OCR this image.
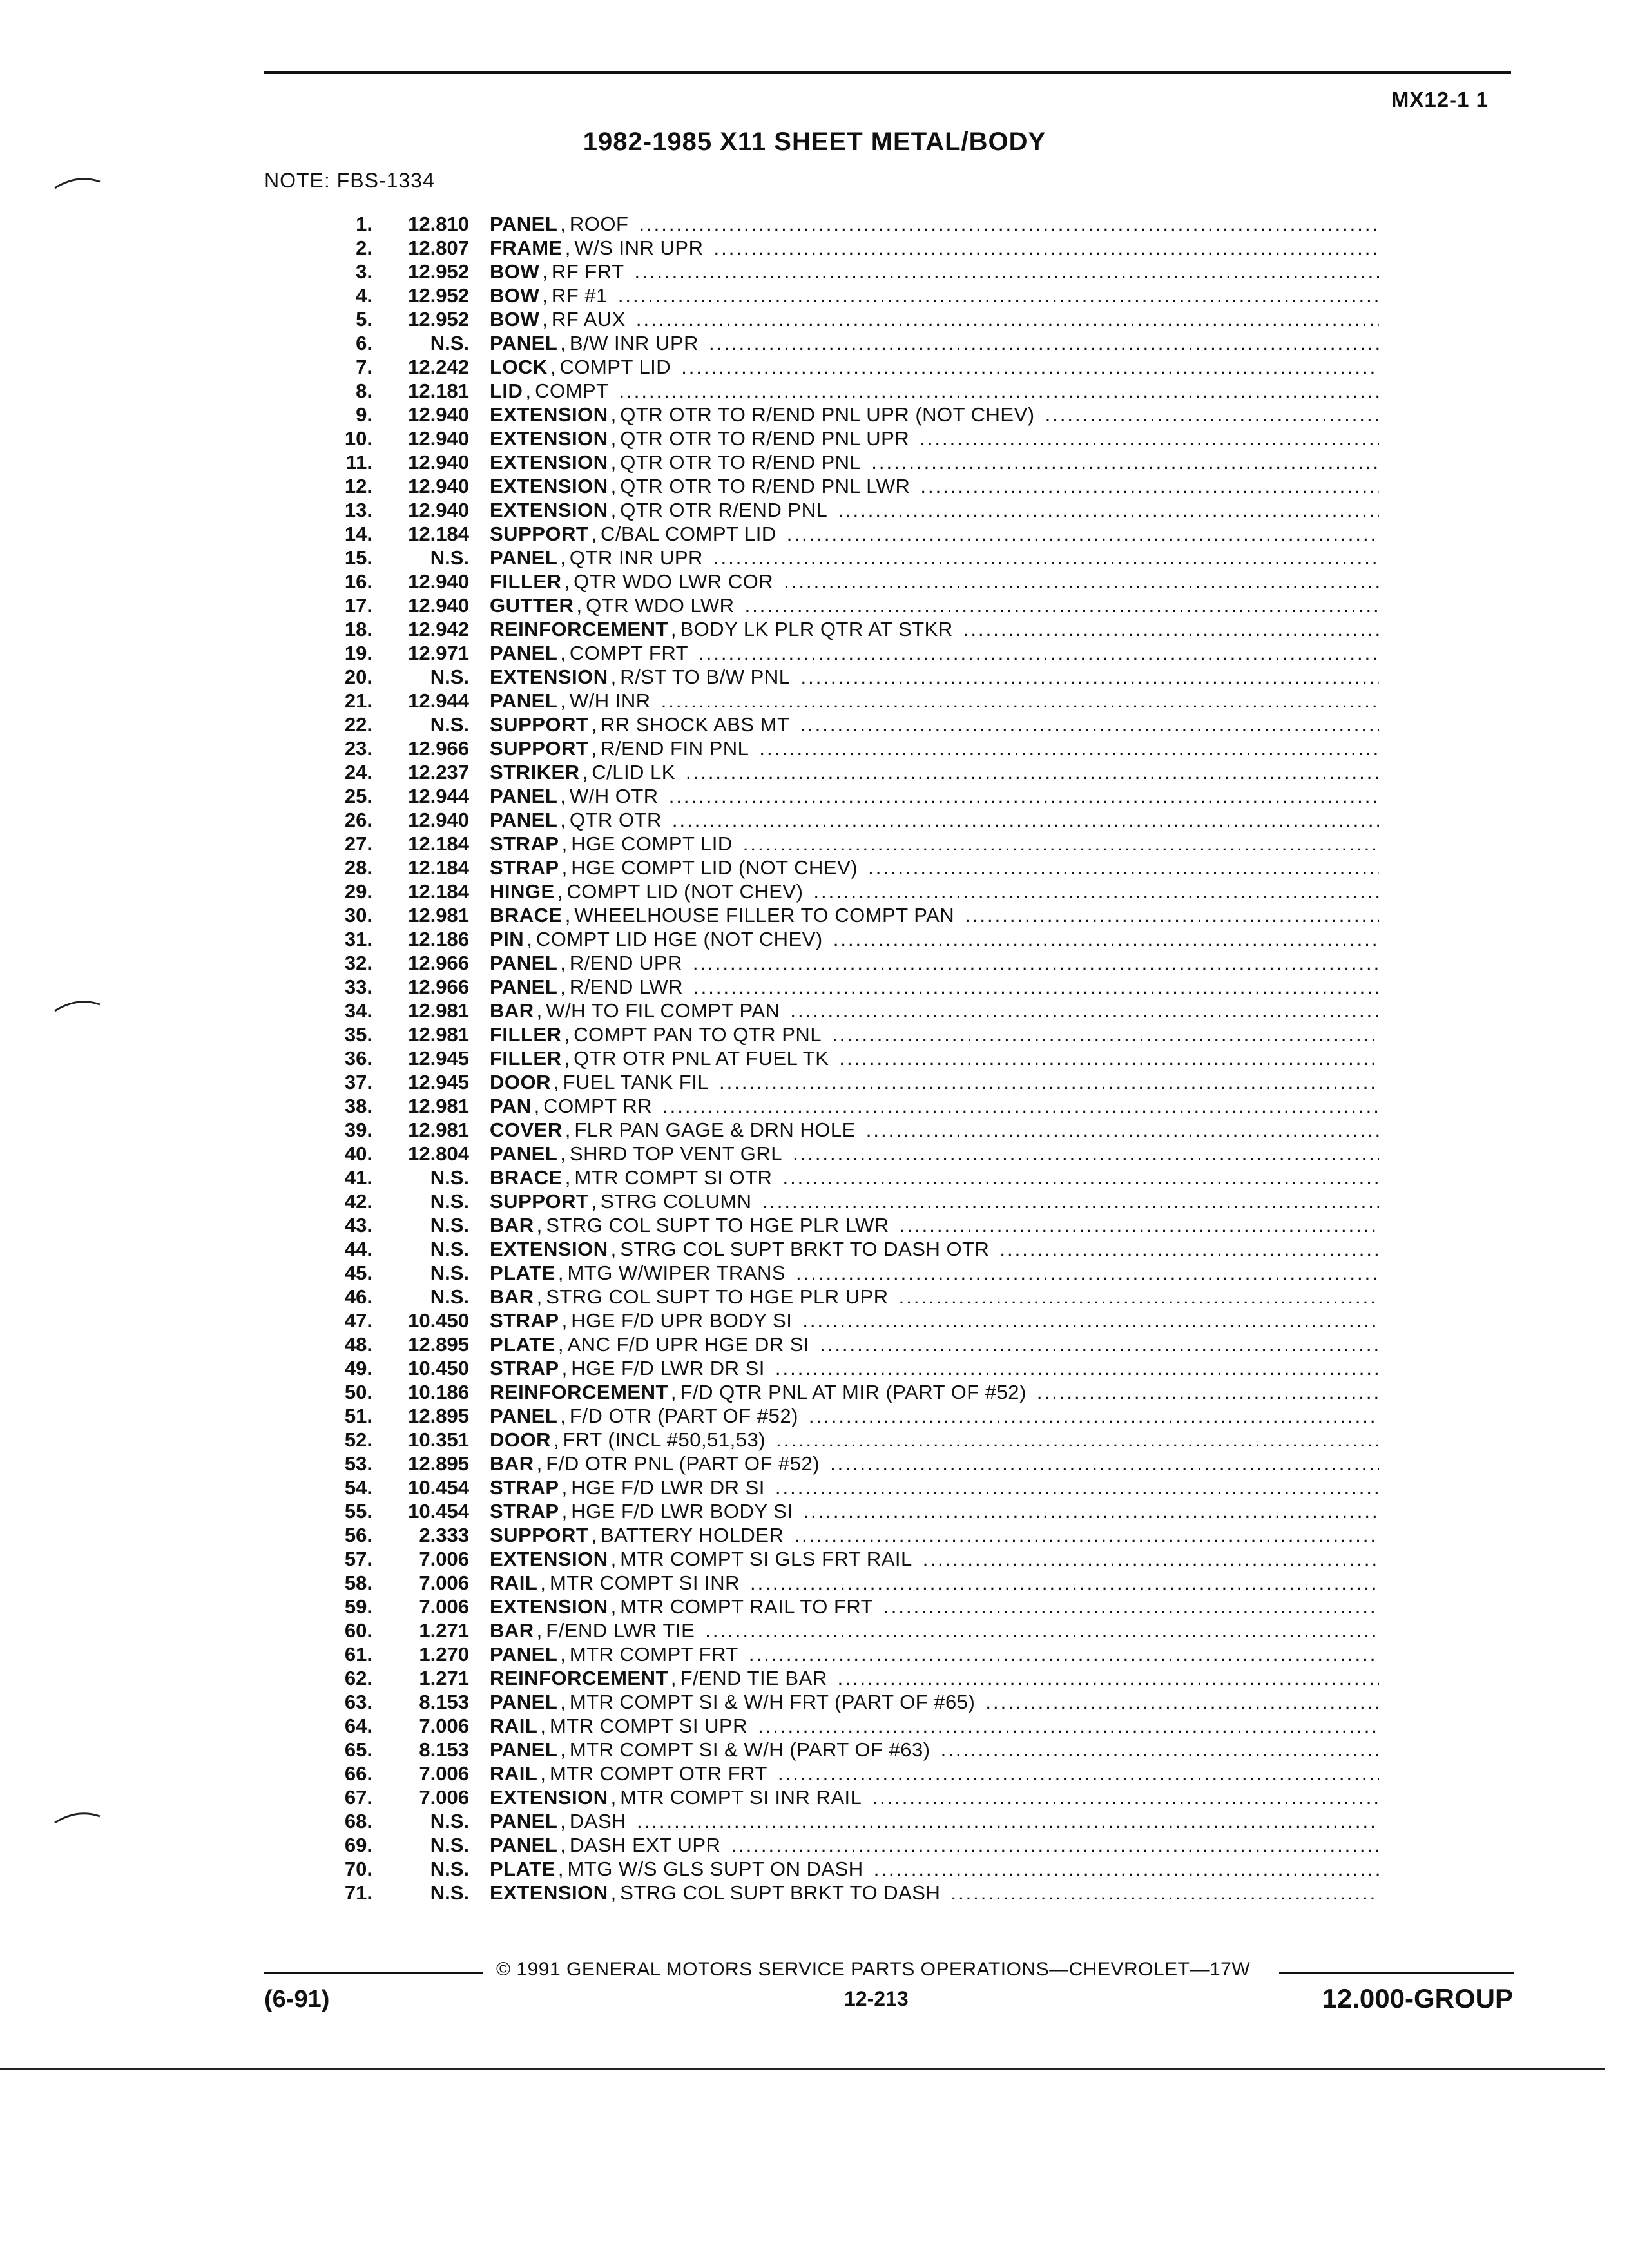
MX12-1 1
1982-1985 X11 SHEET METAL/BODY
NOTE: FBS-1334
1.	12.810 PANEL , ROOF
.....
2.	12.807 FRAME , W/S INR UPR
.....
3.	12.952 BOW , RF FRT
.....
4.	12.952 BOW , RF #1
.....
5.	12.952 BOW , RF AUX
.....
6.	N.S. PANEL , B/W INR UPR
.....
7.	12.242 LOCK , COMPT LID
.....
8.	12.181 LID , COMPT
.....
9.	12.940 EXTENSION , QTR OTR TO R/END PNL UPR (NOT CHEV)
.....
10.	12.940 EXTENSION , QTR OTR TO R/END PNL UPR
.....
11.	12.940 EXTENSION , QTR OTR TO R/END PNL
.....
12.	12.940 EXTENSION , QTR OTR TO R/END PNL LWR
.....
13.	12.940 EXTENSION , QTR OTR R/END PNL
.....
14.	12.184 SUPPORT , C/BAL COMPT LID
.....
15.	N.S. PANEL , QTR INR UPR
.....
16.	12.940 FILLER , QTR WDO LWR COR
.....
17.	12.940 GUTTER , QTR WDO LWR
.....
18.	12.942 REINFORCEMENT , BODY LK PLR QTR AT STKR
.....
19.	12.971 PANEL , COMPT FRT
.....
20.	N.S. EXTENSION , R/ST TO B/W PNL
.....
21.	12.944 PANEL , W/H INR
.....
22.	N.S. SUPPORT , RR SHOCK ABS MT
.....
23.	12.966 SUPPORT , R/END FIN PNL
.....
24.	12.237 STRIKER , C/LID LK
.....
25.	12.944 PANEL , W/H OTR
.....
26.	12.940 PANEL , QTR OTR
.....
27.	12.184 STRAP , HGE COMPT LID
.....
28.	12.184 STRAP , HGE COMPT LID (NOT CHEV)
.....
29.	12.184 HINGE , COMPT LID (NOT CHEV)
.....
30.	12.981 BRACE , WHEELHOUSE FILLER TO COMPT PAN
.....
31.	12.186 PIN , COMPT LID HGE (NOT CHEV)
.....
32.	12.966 PANEL , R/END UPR
.....
33.	12.966 PANEL , R/END LWR
.....
34.	12.981 BAR , W/H TO FIL COMPT PAN
.....
35.	12.981 FILLER , COMPT PAN TO QTR PNL
.....
36.	12.945 FILLER , QTR OTR PNL AT FUEL TK
.....
37.	12.945 DOOR , FUEL TANK FIL
.....
38.	12.981 PAN , COMPT RR
.....
39.	12.981 COVER , FLR PAN GAGE & DRN HOLE
.....
40.	12.804 PANEL , SHRD TOP VENT GRL
.....
41.	N.S. BRACE , MTR COMPT SI OTR
.....
42.	N.S. SUPPORT , STRG COLUMN
.....
43.	N.S. BAR , STRG COL SUPT TO HGE PLR LWR
.....
44.	N.S. EXTENSION , STRG COL SUPT BRKT TO DASH OTR
.....
45.	N.S. PLATE , MTG W/WIPER TRANS
.....
46.	N.S. BAR , STRG COL SUPT TO HGE PLR UPR
.....
47.	10.450 STRAP , HGE F/D UPR BODY SI
.....
48.	12.895 PLATE , ANC F/D UPR HGE DR SI
.....
49.	10.450 STRAP , HGE F/D LWR DR SI
.....
50.	10.186 REINFORCEMENT , F/D QTR PNL AT MIR (PART OF #52)
.....
51.	12.895 PANEL , F/D OTR (PART OF #52)
.....
52.	10.351 DOOR , FRT (INCL #50,51,53)
.....
53.	12.895 BAR , F/D OTR PNL (PART OF #52)
.....
54.	10.454 STRAP , HGE F/D LWR DR SI
.....
55.	10.454 STRAP , HGE F/D LWR BODY SI
.....
56.	2.333 SUPPORT , BATTERY HOLDER
.....
57.	7.006 EXTENSION , MTR COMPT SI GLS FRT RAIL
.....
58.	7.006 RAIL , MTR COMPT SI INR
.....
59.	7.006 EXTENSION , MTR COMPT RAIL TO FRT
.....
60.	1.271 BAR , F/END LWR TIE
.....
61.	1.270 PANEL , MTR COMPT FRT
.....
62.	1.271 REINFORCEMENT , F/END TIE BAR
.....
63.	8.153 PANEL , MTR COMPT SI & W/H FRT (PART OF #65)
.....
64.	7.006 RAIL , MTR COMPT SI UPR
.....
65.	8.153 PANEL , MTR COMPT SI & W/H (PART OF #63)
.....
66.	7.006 RAIL , MTR COMPT OTR FRT
.....
67.	7.006 EXTENSION , MTR COMPT SI INR RAIL
.....
68.	N.S. PANEL , DASH
.....
69.	N.S. PANEL , DASH EXT UPR
.....
70.	N.S. PLATE , MTG W/S GLS SUPT ON DASH
.....
71.	N.S. EXTENSION , STRG COL SUPT BRKT TO DASH
.....
© 1991 GENERAL MOTORS SERVICE PARTS OPERATIONS—CHEVROLET—17W
(6-91)	12-213	12.000-GROUP
